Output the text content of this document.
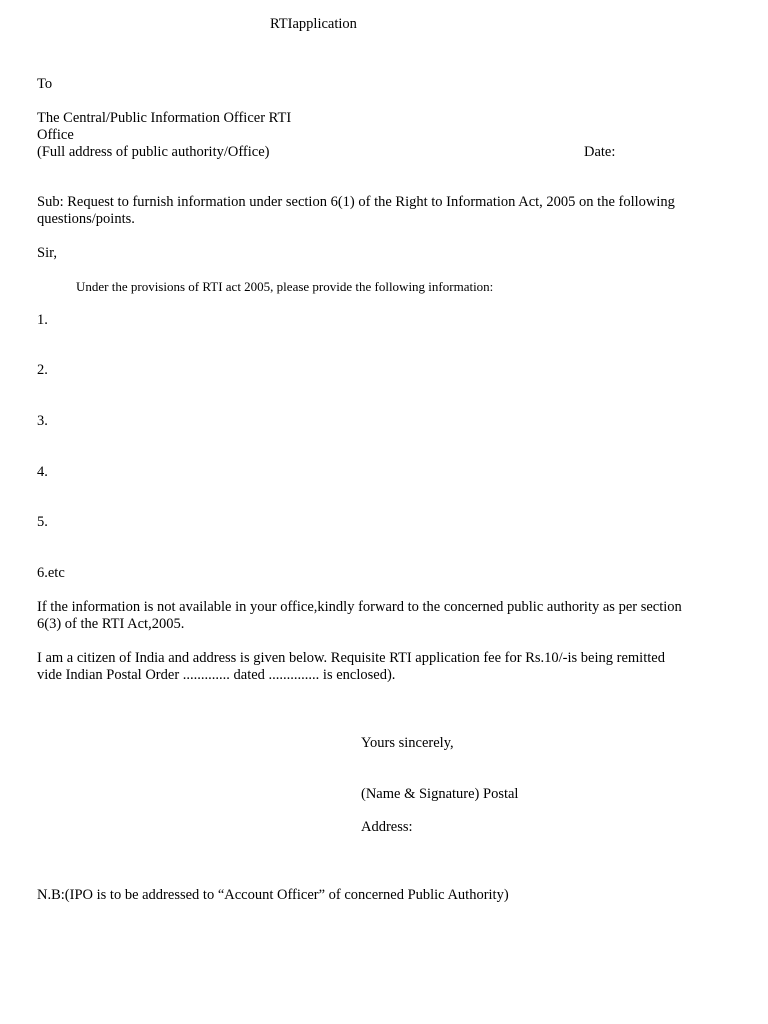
RTIapplication
To
The Central/Public Information Officer RTI
Office
(Full address of public authority/Office)	Date:
Sub: Request to furnish information under section 6(1) of the Right to Information Act, 2005 on the following
questions/points.
Sir,
Under the provisions of RTI act 2005, please provide the following information:
1.
2.
3.
4.
5.
6.etc
If the information is not available in your office,kindly forward to the concerned public authority as per section
6(3) of the RTI Act,2005.
I am a citizen of India and address is given below. Requisite RTI application fee for Rs.10/-is being remitted
vide Indian Postal Order ............. dated .............. is enclosed).
Yours sincerely,
(Name & Signature) Postal
Address:
N.B:(IPO is to be addressed to “Account Officer” of concerned Public Authority)
